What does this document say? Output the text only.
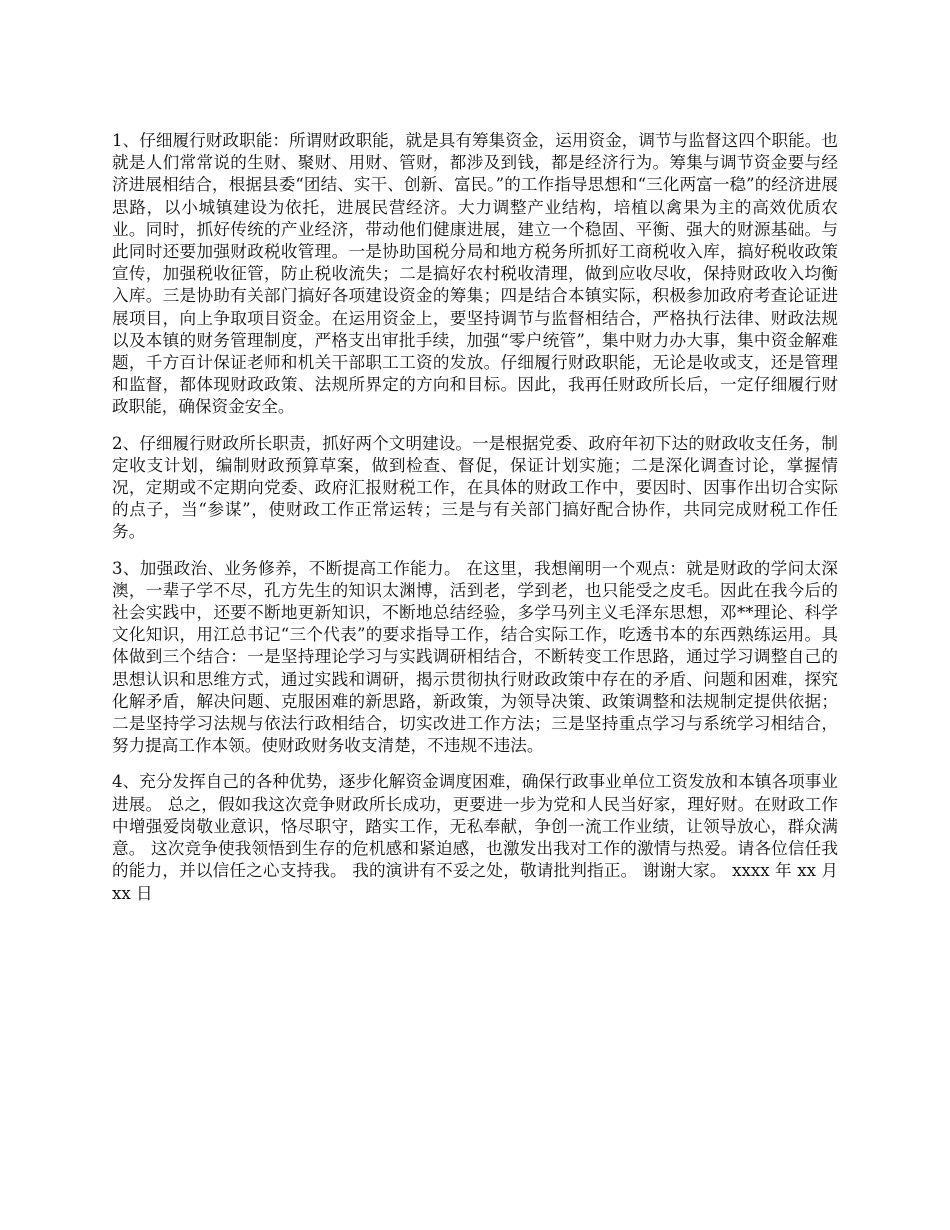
1、仔细履行财政职能：所谓财政职能，就是具有筹集资金，运用资金，调节与监督这四个职能。也就是人们常常说的生财、聚财、用财、管财，都涉及到钱，都是经济行为。筹集与调节资金要与经济进展相结合，根据县委“团结、实干、创新、富民。”的工作指导思想和“三化两富一稳”的经济进展思路，以小城镇建设为依托，进展民营经济。大力调整产业结构，培植以禽果为主的高效优质农业。同时，抓好传统的产业经济，带动他们健康进展，建立一个稳固、平衡、强大的财源基础。与此同时还要加强财政税收管理。一是协助国税分局和地方税务所抓好工商税收入库，搞好税收政策宣传，加强税收征管，防止税收流失；二是搞好农村税收清理，做到应收尽收，保持财政收入均衡入库。三是协助有关部门搞好各项建设资金的筹集；四是结合本镇实际，积极参加政府考查论证进展项目，向上争取项目资金。在运用资金上，要坚持调节与监督相结合，严格执行法律、财政法规以及本镇的财务管理制度，严格支出审批手续，加强“零户统管”，集中财力办大事，集中资金解难题，千方百计保证老师和机关干部职工工资的发放。仔细履行财政职能，无论是收或支，还是管理和监督，都体现财政政策、法规所界定的方向和目标。因此，我再任财政所长后，一定仔细履行财政职能，确保资金安全。

2、仔细履行财政所长职责，抓好两个文明建设。一是根据党委、政府年初下达的财政收支任务，制定收支计划，编制财政预算草案，做到检查、督促，保证计划实施；二是深化调查讨论，掌握情况，定期或不定期向党委、政府汇报财税工作，在具体的财政工作中，要因时、因事作出切合实际的点子，当“参谋”，使财政工作正常运转；三是与有关部门搞好配合协作，共同完成财税工作任务。

3、加强政治、业务修养，不断提高工作能力。 在这里，我想阐明一个观点：就是财政的学问太深澳，一辈子学不尽，孔方先生的知识太渊博，活到老，学到老，也只能受之皮毛。因此在我今后的社会实践中，还要不断地更新知识，不断地总结经验，多学马列主义毛泽东思想，邓**理论、科学文化知识，用江总书记“三个代表”的要求指导工作，结合实际工作，吃透书本的东西熟练运用。具体做到三个结合：一是坚持理论学习与实践调研相结合，不断转变工作思路，通过学习调整自己的思想认识和思维方式，通过实践和调研，揭示贯彻执行财政政策中存在的矛盾、问题和困难，探究化解矛盾，解决问题、克服困难的新思路，新政策，为领导决策、政策调整和法规制定提供依据；二是坚持学习法规与依法行政相结合，切实改进工作方法；三是坚持重点学习与系统学习相结合，努力提高工作本领。使财政财务收支清楚，不违规不违法。

4、充分发挥自己的各种优势，逐步化解资金调度困难，确保行政事业单位工资发放和本镇各项事业进展。 总之，假如我这次竞争财政所长成功，更要进一步为党和人民当好家，理好财。在财政工作中增强爱岗敬业意识，恪尽职守，踏实工作，无私奉献，争创一流工作业绩，让领导放心，群众满意。 这次竞争使我领悟到生存的危机感和紧迫感，也激发出我对工作的激情与热爱。请各位信任我的能力，并以信任之心支持我。 我的演讲有不妥之处，敬请批判指正。 谢谢大家。 xxxx 年 xx 月 xx 日
